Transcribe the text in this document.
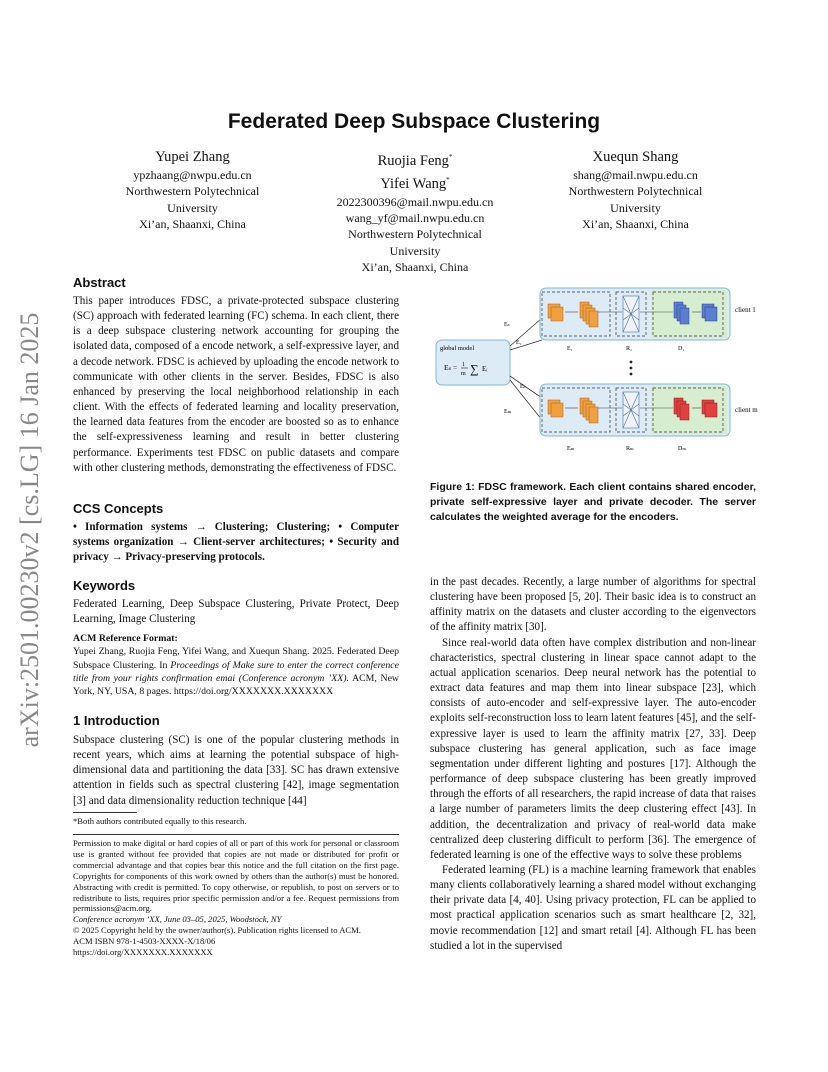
arXiv:2501.00230v2 [cs.LG] 16 Jan 2025
Federated Deep Subspace Clustering
Yupei Zhang
ypzhaang@nwpu.edu.cn
Northwestern Polytechnical
University
Xi’an, Shaanxi, China
Ruojia Feng*
Yifei Wang*
2022300396@mail.nwpu.edu.cn
wang_yf@mail.nwpu.edu.cn
Northwestern Polytechnical
University
Xi’an, Shaanxi, China
Xuequn Shang
shang@mail.nwpu.edu.cn
Northwestern Polytechnical
University
Xi’an, Shaanxi, China
Abstract

This paper introduces FDSC, a private-protected subspace clustering (SC) approach with federated learning (FC) schema. In each client, there is a deep subspace clustering network accounting for grouping the isolated data, composed of a encode network, a self-expressive layer, and a decode network. FDSC is achieved by uploading the encode network to communicate with other clients in the server. Besides, FDSC is also enhanced by preserving the local neighborhood relationship in each client. With the effects of federated learning and locality preservation, the learned data features from the encoder are boosted so as to enhance the self-expressiveness learning and result in better clustering performance. Experiments test FDSC on public datasets and compare with other clustering methods, demonstrating the effectiveness of FDSC.

CCS Concepts

• Information systems → Clustering; Clustering; • Computer systems organization → Client-server architectures; • Security and privacy → Privacy-preserving protocols.

Keywords

Federated Learning, Deep Subspace Clustering, Private Protect, Deep Learning, Image Clustering

ACM Reference Format:

Yupei Zhang, Ruojia Feng, Yifei Wang, and Xuequn Shang. 2025. Federated Deep Subspace Clustering. In Proceedings of Make sure to enter the correct conference title from your rights confirmation emai (Conference acronym ’XX). ACM, New York, NY, USA, 8 pages. https://doi.org/XXXXXXX.XXXXXXX

1 Introduction

Subspace clustering (SC) is one of the popular clustering methods in recent years, which aims at learning the potential subspace of high-dimensional data and partitioning the data [33]. SC has drawn extensive attention in fields such as spectral clustering [42], image segmentation [3] and data dimensionality reduction technique [44]

*Both authors contributed equally to this research.

Permission to make digital or hard copies of all or part of this work for personal or classroom use is granted without fee provided that copies are not made or distributed for profit or commercial advantage and that copies bear this notice and the full citation on the first page. Copyrights for components of this work owned by others than the author(s) must be honored. Abstracting with credit is permitted. To copy otherwise, or republish, to post on servers or to redistribute to lists, requires prior specific permission and/or a fee. Request permissions from permissions@acm.org.

Conference acronym ’XX, June 03–05, 2025, Woodstock, NY

© 2025 Copyright held by the owner/author(s). Publication rights licensed to ACM.

ACM ISBN 978-1-4503-XXXX-X/18/06

https://doi.org/XXXXXXX.XXXXXXX

global model
Eₛ = 1
m ∑ Eᵢ
Eₛ
E₁
Eₛ
Eₘ
client 1
E₁	R₁	D₁
client m
Eₘ	Rₘ	Dₘ
Figure 1: FDSC framework. Each client contains shared encoder, private self-expressive layer and private decoder. The server calculates the weighted average for the encoders.

in the past decades. Recently, a large number of algorithms for spectral clustering have been proposed [5, 20]. Their basic idea is to construct an affinity matrix on the datasets and cluster according to the eigenvectors of the affinity matrix [30].

Since real-world data often have complex distribution and non-linear characteristics, spectral clustering in linear space cannot adapt to the actual application scenarios. Deep neural network has the potential to extract data features and map them into linear subspace [23], which consists of auto-encoder and self-expressive layer. The auto-encoder exploits self-reconstruction loss to learn latent features [45], and the self-expressive layer is used to learn the affinity matrix [27, 33]. Deep subspace clustering has general application, such as face image segmentation under different lighting and postures [17]. Although the performance of deep subspace clustering has been greatly improved through the efforts of all researchers, the rapid increase of data that raises a large number of parameters limits the deep clustering effect [43]. In addition, the decentralization and privacy of real-world data make centralized deep clustering difficult to perform [36]. The emergence of federated learning is one of the effective ways to solve these problems

Federated learning (FL) is a machine learning framework that enables many clients collaboratively learning a shared model without exchanging their private data [4, 40]. Using privacy protection, FL can be applied to most practical application scenarios such as smart healthcare [2, 32], movie recommendation [12] and smart retail [4]. Although FL has been studied a lot in the supervised
